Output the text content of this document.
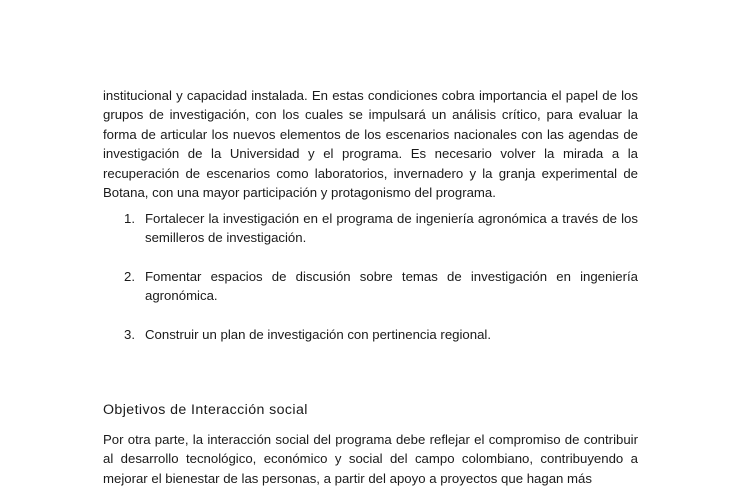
institucional y capacidad instalada. En estas condiciones cobra importancia el papel de los grupos de investigación, con los cuales se impulsará un análisis crítico, para evaluar la forma de articular los nuevos elementos de los escenarios nacionales con las agendas de investigación de la Universidad y el programa. Es necesario volver la mirada a la recuperación de escenarios como laboratorios, invernadero y la granja experimental de Botana, con una mayor participación y protagonismo del programa.

1. Fortalecer la investigación en el programa de ingeniería agronómica a través de los semilleros de investigación.
2. Fomentar espacios de discusión sobre temas de investigación en ingeniería agronómica.
3. Construir un plan de investigación con pertinencia regional.
Objetivos de Interacción social

Por otra parte, la interacción social del programa debe reflejar el compromiso de contribuir al desarrollo tecnológico, económico y social del campo colombiano, contribuyendo a mejorar el bienestar de las personas, a partir del apoyo a proyectos que hagan más
